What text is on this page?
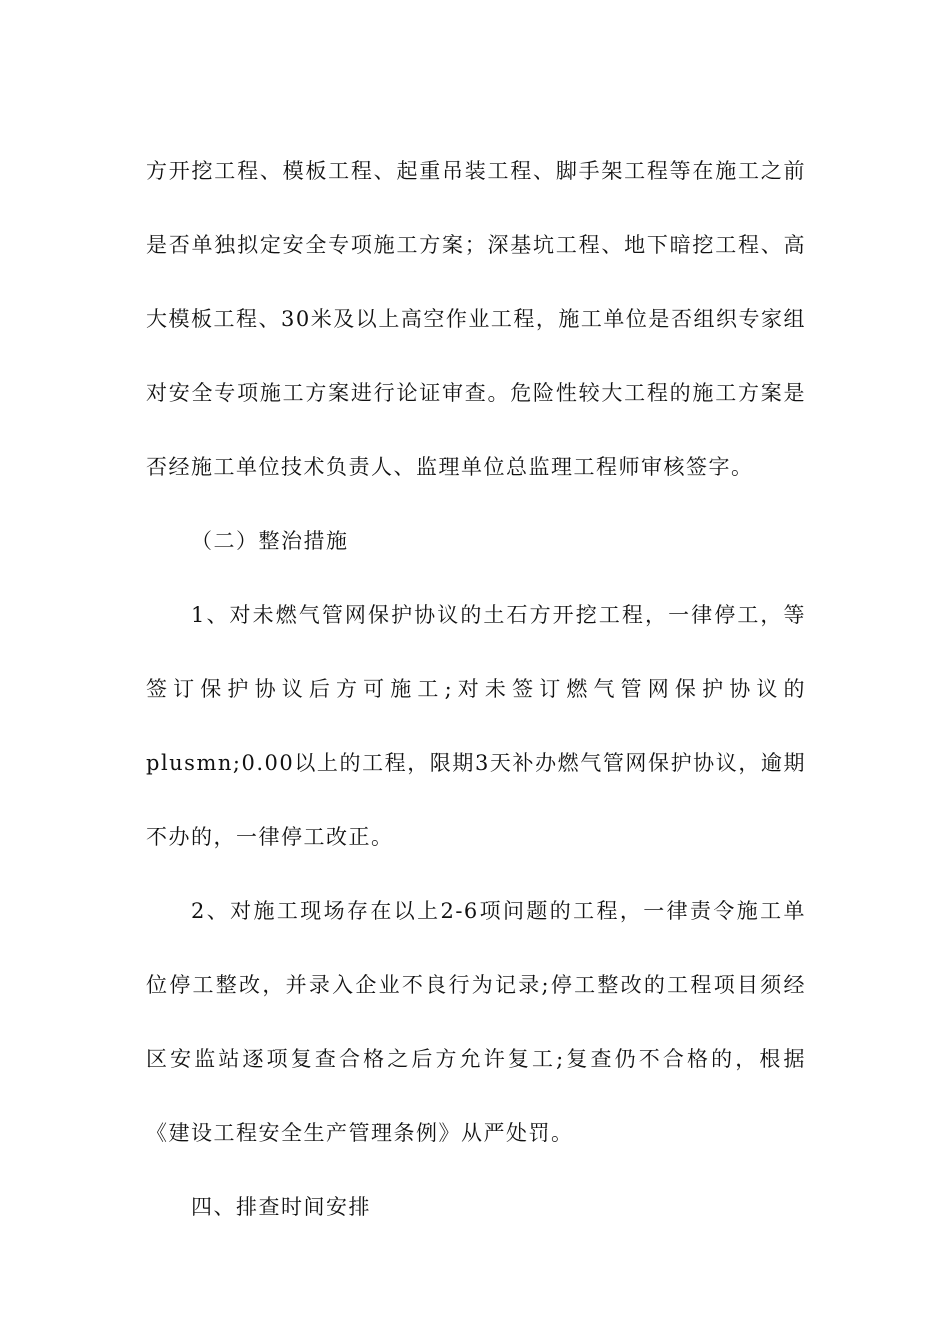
方开挖工程、模板工程、起重吊装工程、脚手架工程等在施工之前是否单独拟定安全专项施工方案；深基坑工程、地下暗挖工程、高大模板工程、30米及以上高空作业工程，施工单位是否组织专家组对安全专项施工方案进行论证审查。危险性较大工程的施工方案是否经施工单位技术负责人、监理单位总监理工程师审核签字。

（二）整治措施

1、对未燃气管网保护协议的土石方开挖工程，一律停工，等签订保护协议后方可施工;对未签订燃气管网保护协议的plusmn;0.00以上的工程，限期3天补办燃气管网保护协议，逾期不办的，一律停工改正。

2、对施工现场存在以上2-6项问题的工程，一律责令施工单位停工整改，并录入企业不良行为记录;停工整改的工程项目须经区安监站逐项复查合格之后方允许复工;复查仍不合格的，根据《建设工程安全生产管理条例》从严处罚。

四、排查时间安排
